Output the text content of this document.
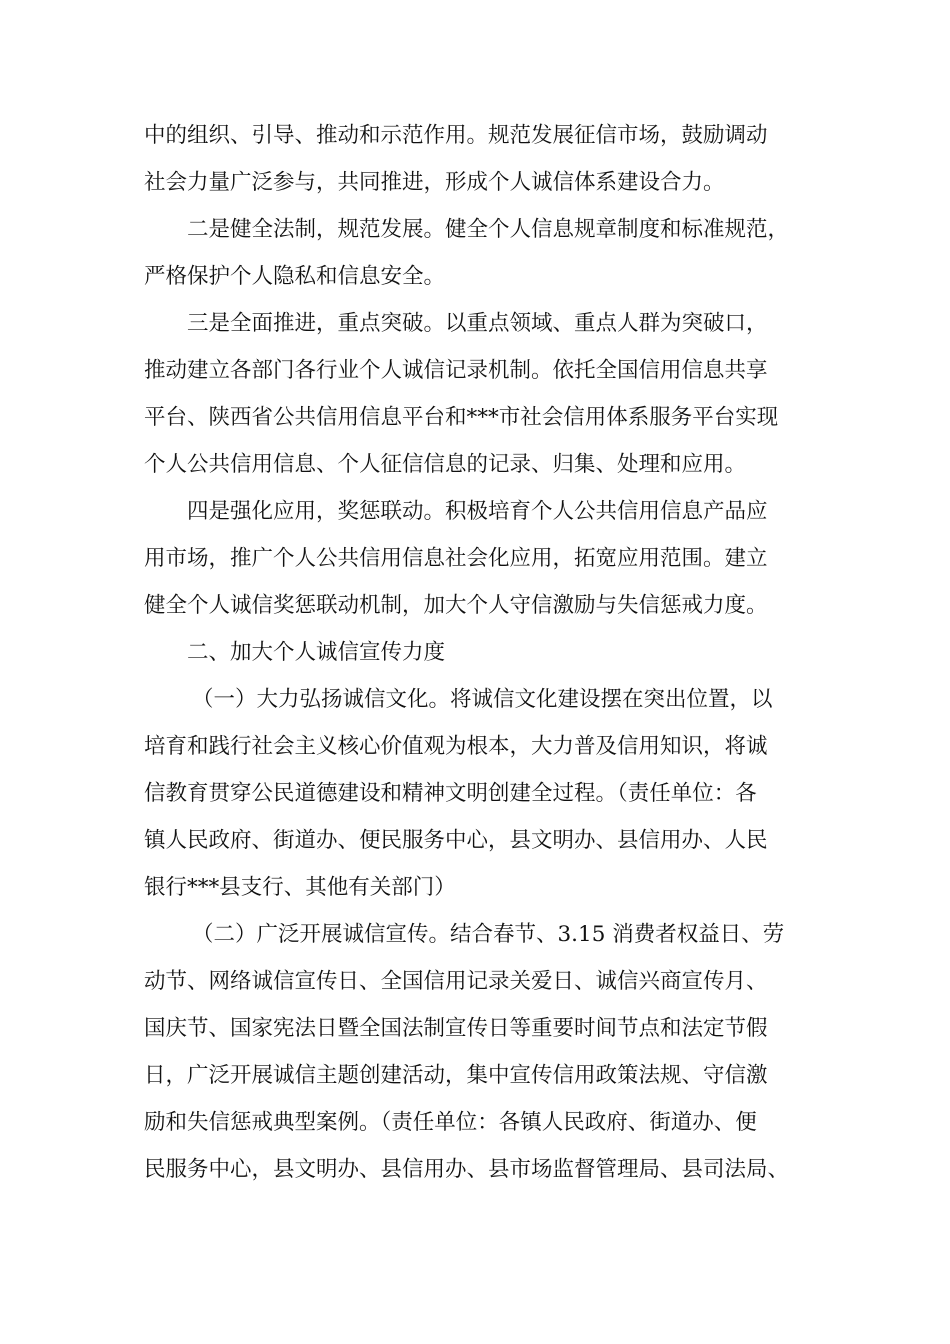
中的组织、引导、推动和示范作用。规范发展征信市场，鼓励调动
社会力量广泛参与，共同推进，形成个人诚信体系建设合力。
二是健全法制，规范发展。健全个人信息规章制度和标准规范，
严格保护个人隐私和信息安全。
三是全面推进，重点突破。以重点领域、重点人群为突破口，
推动建立各部门各行业个人诚信记录机制。依托全国信用信息共享
平台、陕西省公共信用信息平台和***市社会信用体系服务平台实现
个人公共信用信息、个人征信信息的记录、归集、处理和应用。
四是强化应用，奖惩联动。积极培育个人公共信用信息产品应
用市场，推广个人公共信用信息社会化应用，拓宽应用范围。建立
健全个人诚信奖惩联动机制，加大个人守信激励与失信惩戒力度。
二、加大个人诚信宣传力度
（一）大力弘扬诚信文化。将诚信文化建设摆在突出位置，以
培育和践行社会主义核心价值观为根本，大力普及信用知识，将诚
信教育贯穿公民道德建设和精神文明创建全过程。（责任单位：各
镇人民政府、街道办、便民服务中心，县文明办、县信用办、人民
银行***县支行、其他有关部门）
（二）广泛开展诚信宣传。结合春节、3.15 消费者权益日、劳
动节、网络诚信宣传日、全国信用记录关爱日、诚信兴商宣传月、
国庆节、国家宪法日暨全国法制宣传日等重要时间节点和法定节假
日，广泛开展诚信主题创建活动，集中宣传信用政策法规、守信激
励和失信惩戒典型案例。（责任单位：各镇人民政府、街道办、便
民服务中心，县文明办、县信用办、县市场监督管理局、县司法局、
